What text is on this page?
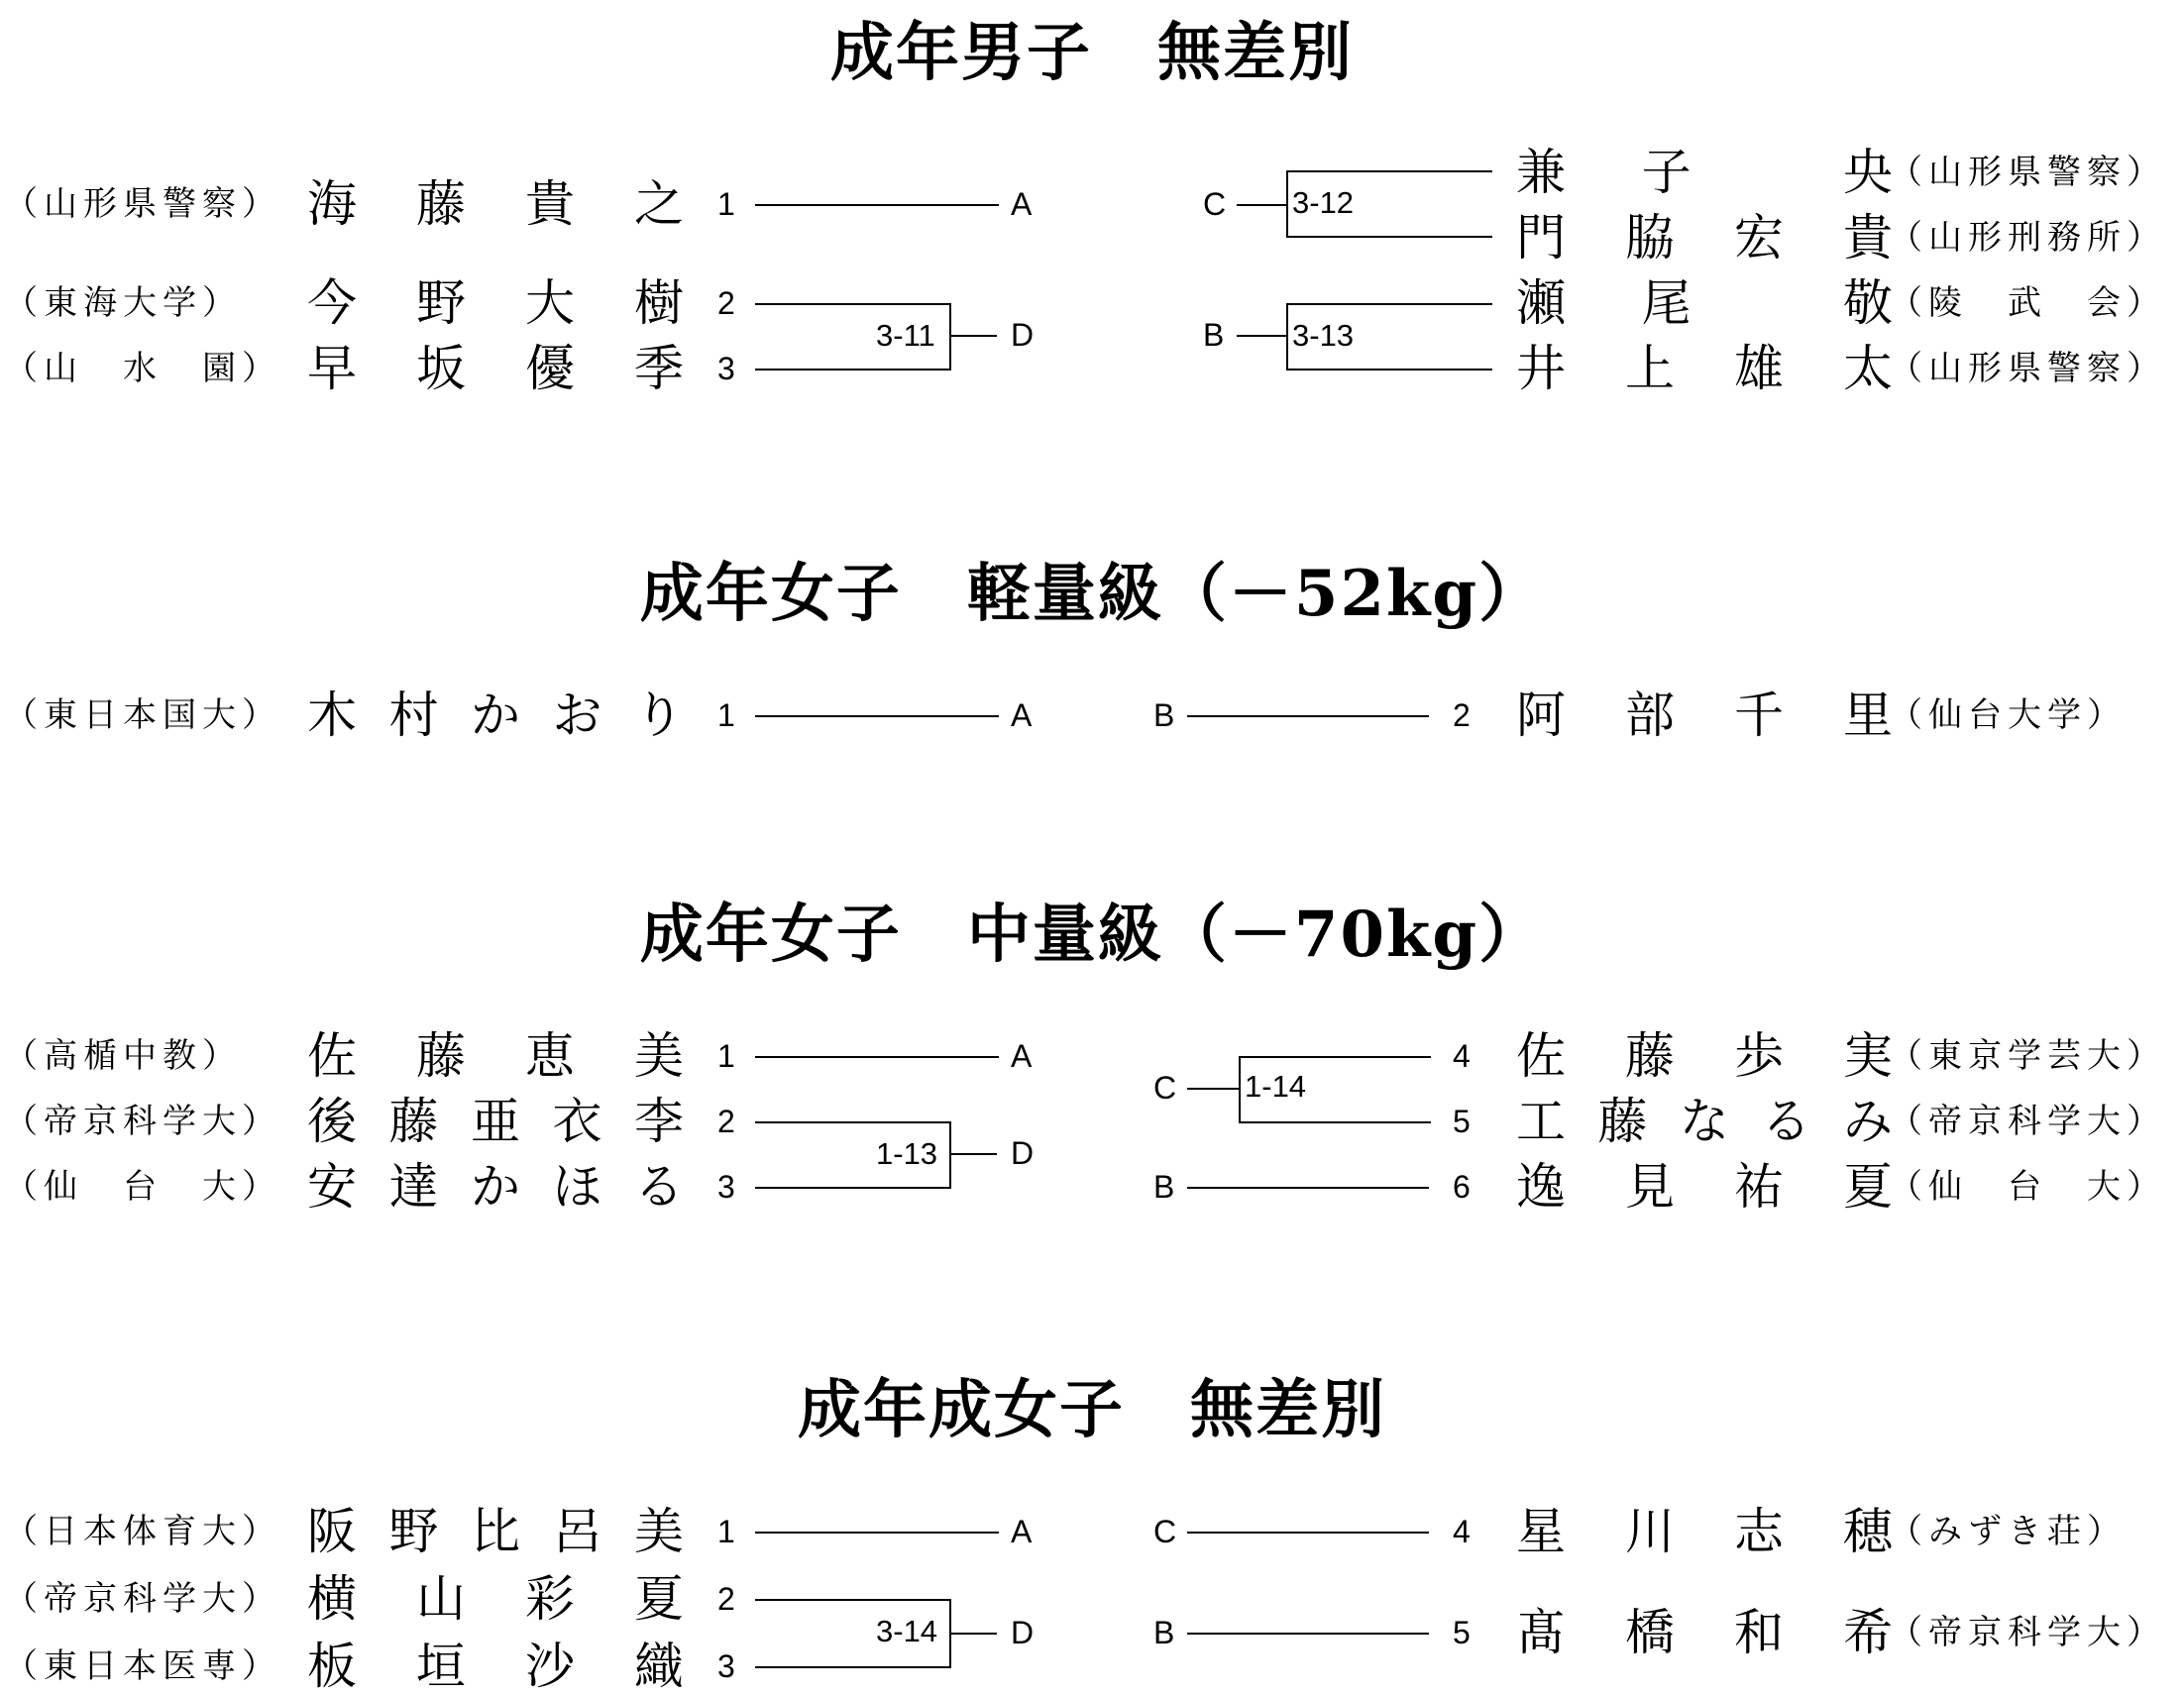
成年男子　無差別
（山形県警察） 海 藤 貴 之 1	A
（東海大学） 今 野 大 樹 2
（山　水　園） 早 坂 優 季 3
3-11 D
C 3-12
兼 子	央
（山形県警察）
門 脇 宏 貴
（山形刑務所）
B 3-13
瀬 尾	敬
（陵　武　会）
井 上 雄 太
（山形県警察）
成年女子　軽量級（－52kg）
（東日本国大） 木 村 か お り 1	A	B	2 阿 部 千 里
（仙台大学）
成年女子　中量級（－70kg）
（高楯中教） 佐 藤 恵 美 1	A
（帝京科学大） 後 藤 亜 衣 李 2
（仙　台　大） 安 達 か ほ る 3
1-13 D
C 1-14
4 佐 藤 歩 実
（東京学芸大）
5 工 藤 な る み
（帝京科学大）
B	6 逸 見 祐 夏
（仙　台　大）
成年成女子　無差別
（日本体育大） 阪 野 比 呂 美 1	A
（帝京科学大） 横 山 彩 夏 2
（東日本医専） 板 垣 沙 織 3
3-14 D
C	4 星 川 志 穂
（みずき荘）
B	5 髙 橋 和 希
（帝京科学大）
